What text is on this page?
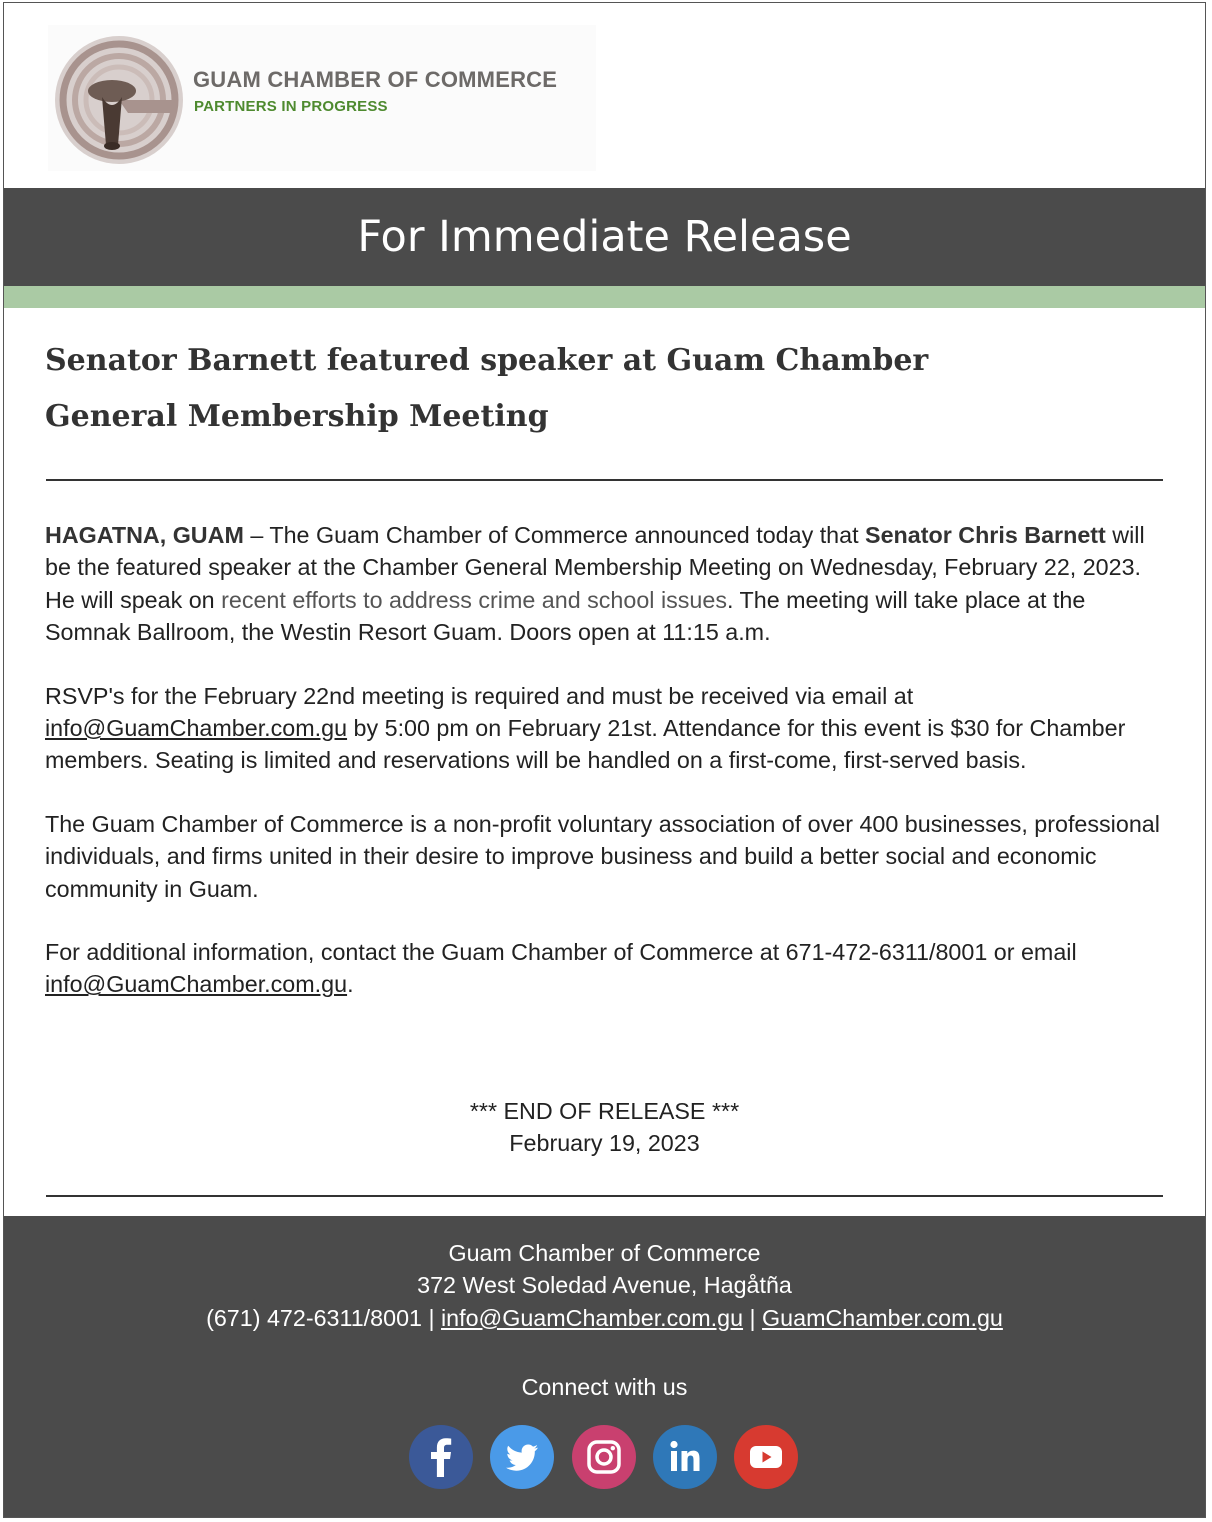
GUAM CHAMBER OF COMMERCE
PARTNERS IN PROGRESS
For Immediate Release
Senator Barnett featured speaker at Guam Chamber
General Membership Meeting

HAGATNA, GUAM – The Guam Chamber of Commerce announced today that Senator Chris Barnett will be the featured speaker at the Chamber General Membership Meeting on Wednesday, February 22, 2023. He will speak on recent efforts to address crime and school issues. The meeting will take place at the Somnak Ballroom, the Westin Resort Guam. Doors open at 11:15 a.m.

RSVP's for the February 22nd meeting is required and must be received via email at info@GuamChamber.com.gu by 5:00 pm on February 21st. Attendance for this event is $30 for Chamber members. Seating is limited and reservations will be handled on a first-come, first-served basis.

The Guam Chamber of Commerce is a non-profit voluntary association of over 400 businesses, professional individuals, and firms united in their desire to improve business and build a better social and economic community in Guam.

For additional information, contact the Guam Chamber of Commerce at 671-472-6311/8001 or email info@GuamChamber.com.gu.

*** END OF RELEASE ***
February 19, 2023
Guam Chamber of Commerce
372 West Soledad Avenue, Hagåtña
(671) 472-6311/8001 | info@GuamChamber.com.gu | GuamChamber.com.gu
Connect with us
